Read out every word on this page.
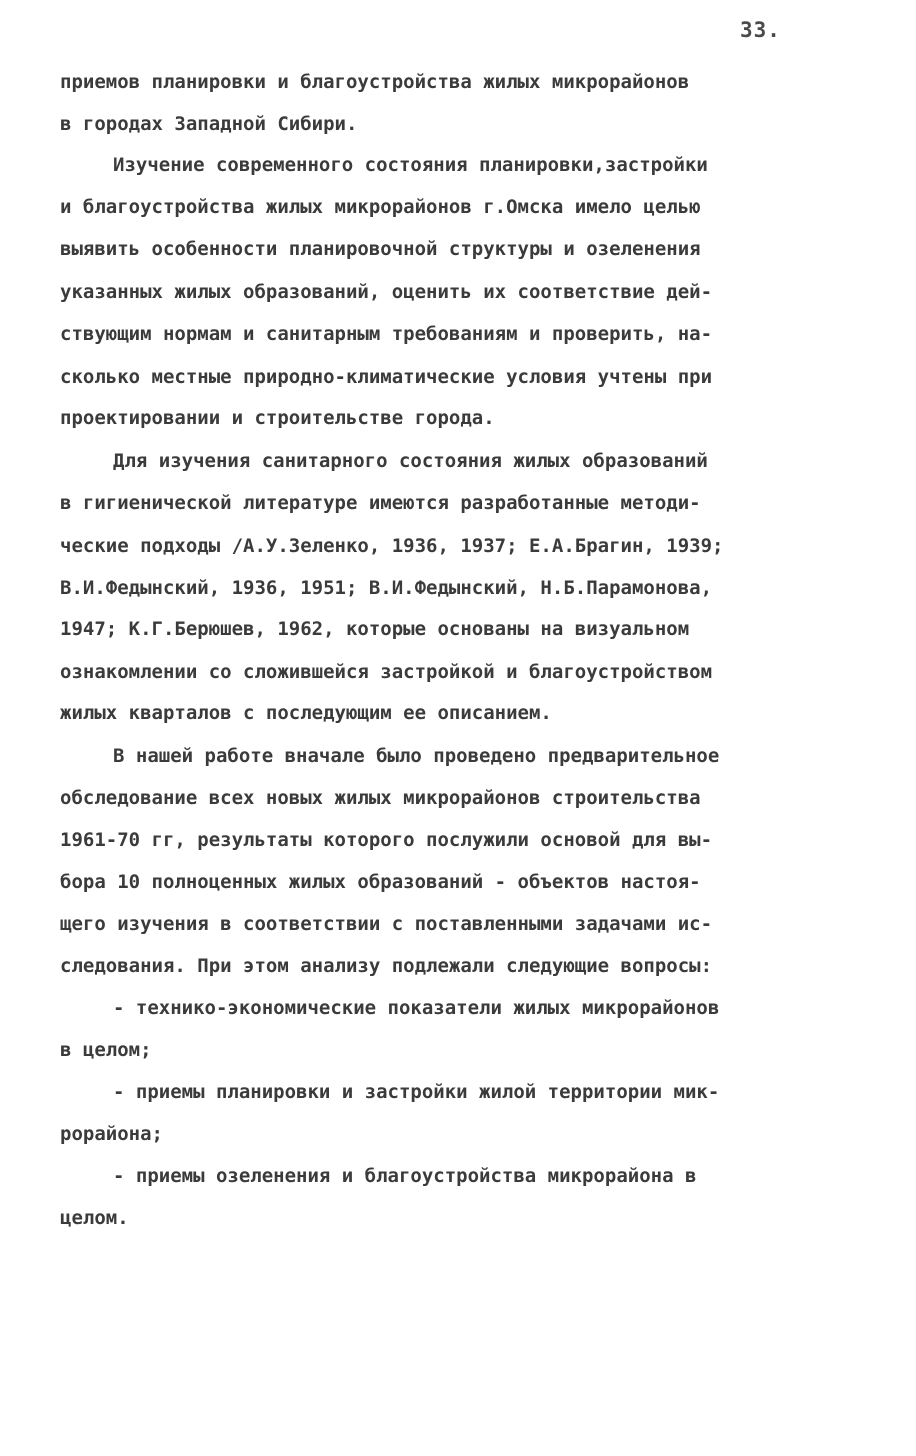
33.
приемов планировки и благоустройства жилых микрорайонов
в городах Западной Сибири.
Изучение современного состояния планировки,застройки
и благоустройства жилых микрорайонов г.Омска имело целью
выявить особенности планировочной структуры и озеленения
указанных жилых образований, оценить их соответствие дей-
ствующим нормам и санитарным требованиям и проверить, на-
сколько местные природно-климатические условия учтены при
проектировании и строительстве города.
Для изучения санитарного состояния жилых образований
в гигиенической литературе имеются разработанные методи-
ческие подходы /А.У.Зеленко, 1936, 1937; Е.А.Брагин, 1939;
В.И.Федынский, 1936, 1951; В.И.Федынский, Н.Б.Парамонова,
1947; К.Г.Берюшев, 1962, которые основаны на визуальном
ознакомлении со сложившейся застройкой и благоустройством
жилых кварталов с последующим ее описанием.
В нашей работе вначале было проведено предварительное
обследование всех новых жилых микрорайонов строительства
1961-70 гг, результаты которого послужили основой для вы-
бора 10 полноценных жилых образований - объектов настоя-
щего изучения в соответствии с поставленными задачами ис-
следования. При этом анализу подлежали следующие вопросы:
- технико-экономические показатели жилых микрорайонов
в целом;
- приемы планировки и застройки жилой территории мик-
рорайона;
- приемы озеленения и благоустройства микрорайона в
целом.
